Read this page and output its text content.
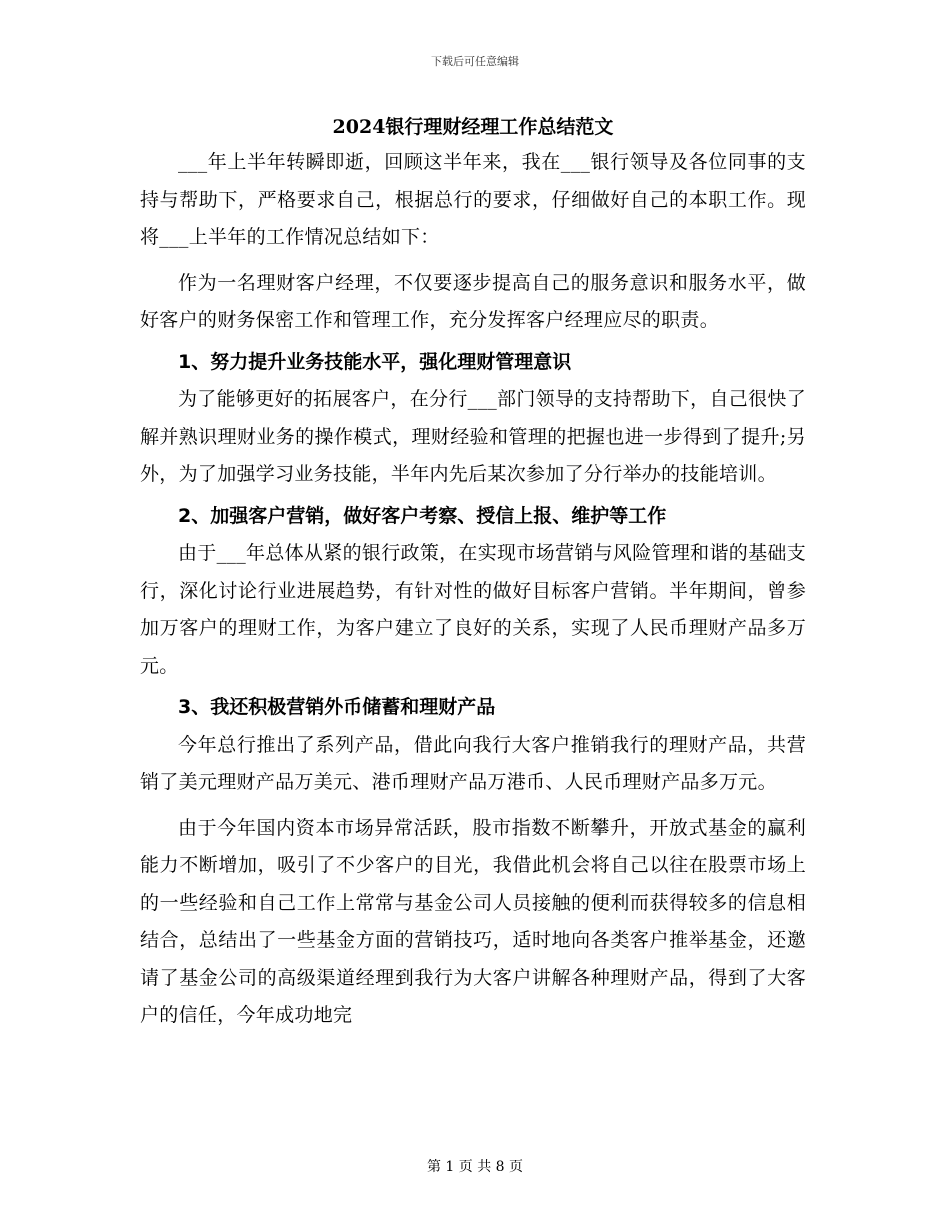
下载后可任意编辑
2024银行理财经理工作总结范文

___年上半年转瞬即逝，回顾这半年来，我在___银行领导及各位同事的支持与帮助下，严格要求自己，根据总行的要求，仔细做好自己的本职工作。现将___上半年的工作情况总结如下：

作为一名理财客户经理，不仅要逐步提高自己的服务意识和服务水平，做好客户的财务保密工作和管理工作，充分发挥客户经理应尽的职责。

1、努力提升业务技能水平，强化理财管理意识

为了能够更好的拓展客户，在分行___部门领导的支持帮助下，自己很快了解并熟识理财业务的操作模式，理财经验和管理的把握也进一步得到了提升;另外，为了加强学习业务技能，半年内先后某次参加了分行举办的技能培训。

2、加强客户营销，做好客户考察、授信上报、维护等工作

由于___年总体从紧的银行政策，在实现市场营销与风险管理和谐的基础支行，深化讨论行业进展趋势，有针对性的做好目标客户营销。半年期间，曾参加万客户的理财工作，为客户建立了良好的关系，实现了人民币理财产品多万元。

3、我还积极营销外币储蓄和理财产品

今年总行推出了系列产品，借此向我行大客户推销我行的理财产品，共营销了美元理财产品万美元、港币理财产品万港币、人民币理财产品多万元。

由于今年国内资本市场异常活跃，股市指数不断攀升，开放式基金的赢利能力不断增加，吸引了不少客户的目光，我借此机会将自己以往在股票市场上的一些经验和自己工作上常常与基金公司人员接触的便利而获得较多的信息相结合，总结出了一些基金方面的营销技巧，适时地向各类客户推举基金，还邀请了基金公司的高级渠道经理到我行为大客户讲解各种理财产品，得到了大客户的信任，今年成功地完

第 1 页 共 8 页
